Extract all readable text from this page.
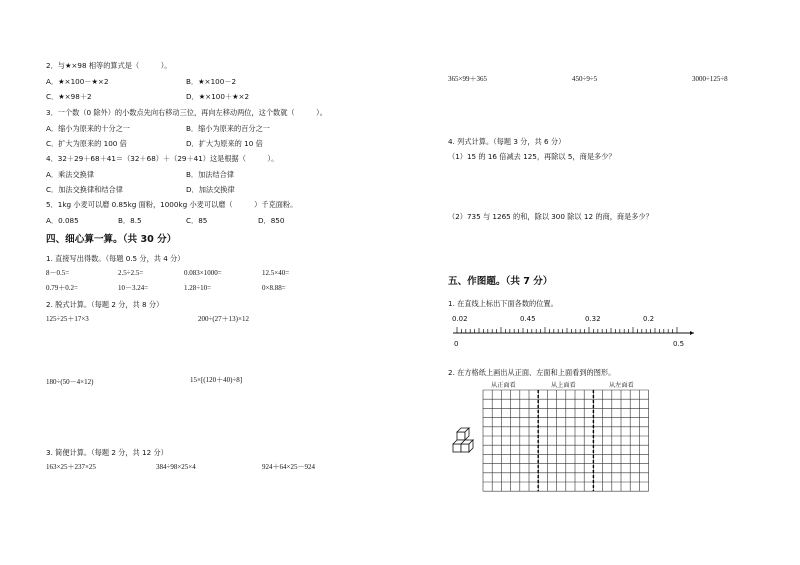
2．与★×98 相等的算式是（　　　）。
A．★×100－★×2	B．★×100－2
C．★×98＋2	D．★×100＋★×2
3．一个数（0 除外）的小数点先向右移动三位，再向左移动两位，这个数就（　　　）。
A．缩小为原来的十分之一	B．缩小为原来的百分之一
C．扩大为原来的 100 倍	D．扩大为原来的 10 倍
4．32＋29＋68＋41＝（32＋68）＋（29＋41）这是根据（　　　）。
A．乘法交换律	B．加法结合律
C．加法交换律和结合律	D．加法交换律
5．1kg 小麦可以磨 0.85kg 面粉，1000kg 小麦可以磨（　　　）千克面粉。
A．0.085	B．8.5	C．85	D．850
四、细心算一算。（共 30 分）
1. 直接写出得数。（每题 0.5 分，共 4 分）
8－0.5=	2.5÷2.5=	0.083×1000=	12.5×40=
0.79＋0.2=	10－3.24=	1.28÷10=	0×8.88=
2. 脱式计算。（每题 2 分，共 8 分）
125÷25＋17×3	200÷(27＋13)×12
180÷(50－4×12)	15×[(120＋40)÷8]
3. 简便计算。（每题 2 分，共 12 分）
163×25＋237×25	384÷98×25×4	924＋64×25－924
365×99＋365	450÷9÷5	3000÷125÷8
4. 列式计算。（每题 3 分，共 6 分）
（1）15 的 16 倍减去 125，再除以 5，商是多少？
（2）735 与 1265 的和，除以 300 除以 12 的商，商是多少？
五、作图题。（共 7 分）
1. 在直线上标出下面各数的位置。
0.02	0.45	0.32	0.2
0	0.5
2. 在方格纸上画出从正面、左面和上面看到的图形。
从正面看	从上面看	从左面看
